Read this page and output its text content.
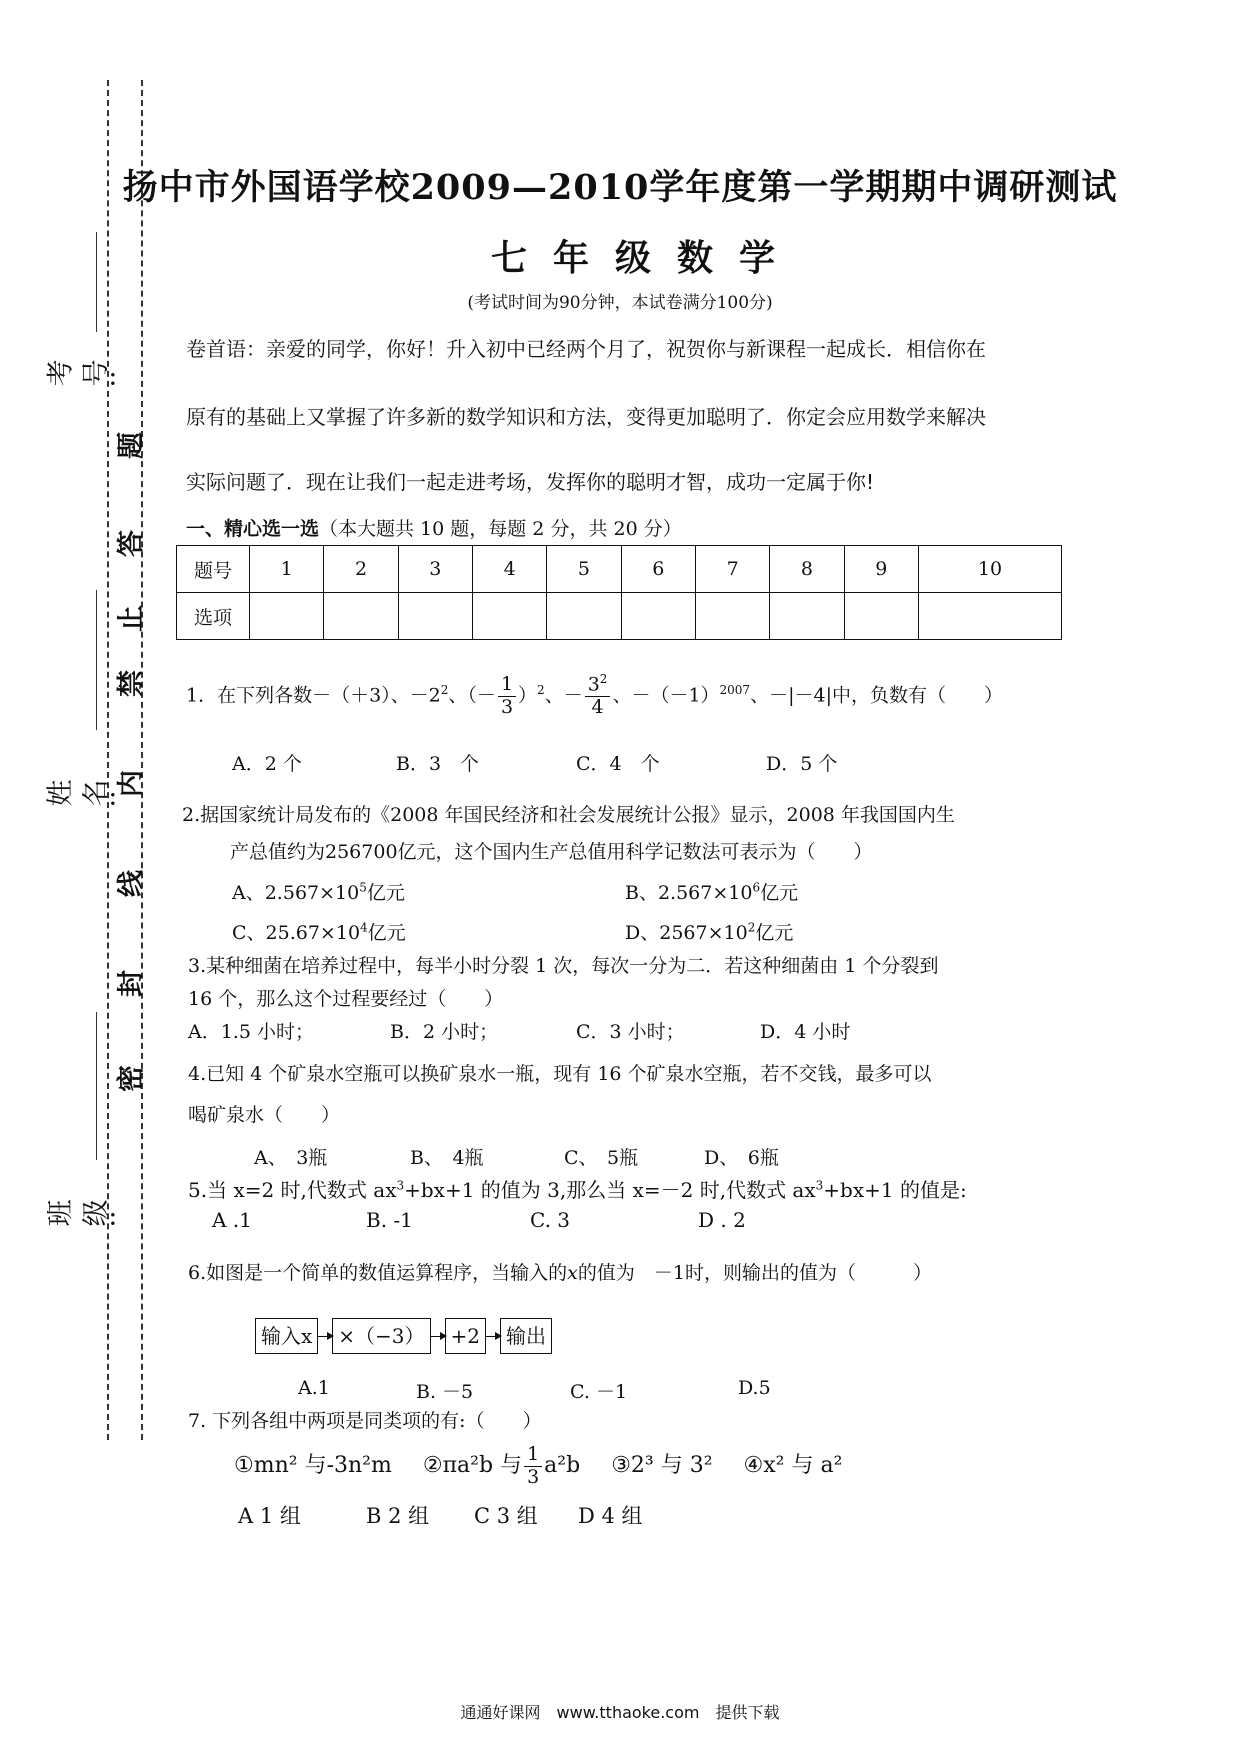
考 号:
姓 名:
班 级:
密
封
线
内
禁
止
答
题
扬中市外国语学校2009—2010学年度第一学期期中调研测试
七年级数学
(考试时间为90分钟，本试卷满分100分)
卷首语：亲爱的同学，你好！升入初中已经两个月了，祝贺你与新课程一起成长．相信你在
原有的基础上又掌握了许多新的数学知识和方法，变得更加聪明了．你定会应用数学来解决
实际问题了．现在让我们一起走进考场，发挥你的聪明才智，成功一定属于你!
一、精心选一选（本大题共 10 题，每题 2 分，共 20 分）
题号	1	2	3	4	5	6	7	8	9	10
选项										
1．在下列各数－（＋3）、$-2^2$、（－ $\frac{1}{3} )^2$、－ $\frac{3^2}{4}$ 、$-(-1)^{2007}$、－|－4|中，负数有（　　）
A．2 个	B．3　个	C．4　个	D．5 个
2.据国家统计局发布的《2008 年国民经济和社会发展统计公报》显示，2008 年我国国内生
产总值约为256700亿元，这个国内生产总值用科学记数法可表示为（　　）
A、$2.567\times 10^5$亿元	B、$2.567\times 10^6$亿元
C、$25.67\times 10^4$亿元	D、$2567\times 10^2$亿元
3.某种细菌在培养过程中，每半小时分裂 1 次，每次一分为二．若这种细菌由 1 个分裂到
16 个，那么这个过程要经过（　　）
A．1.5 小时；	B．2 小时；	C．3 小时；	D．4 小时
4.已知 4 个矿泉水空瓶可以换矿泉水一瓶，现有 16 个矿泉水空瓶，若不交钱，最多可以
喝矿泉水（　　）
A、　3瓶	B、　4瓶	C、　5瓶	D、　6瓶
5.当 x=2 时,代数式 $ax^3+bx+1$ 的值为 3,那么当 x=－2 时,代数式 $ax^3+bx+1$ 的值是:
A .1	B. -1	C. 3	D . 2
6.如图是一个简单的数值运算程序，当输入的x的值为　－1时，则输出的值为（　　　）
输入x	×（−3）	+2	输出
A.1	B. －5	C. －1	D.5
7. 下列各组中两项是同类项的有:（　　）
①mn² 与-3n²m ②πa²b 与 $\frac{1}{3} a^2b$ ③2³ 与 3² ④x² 与 a²
A 1 组	B 2 组 C 3 组 D 4 组
通通好课网　www.tthaoke.com　提供下载
